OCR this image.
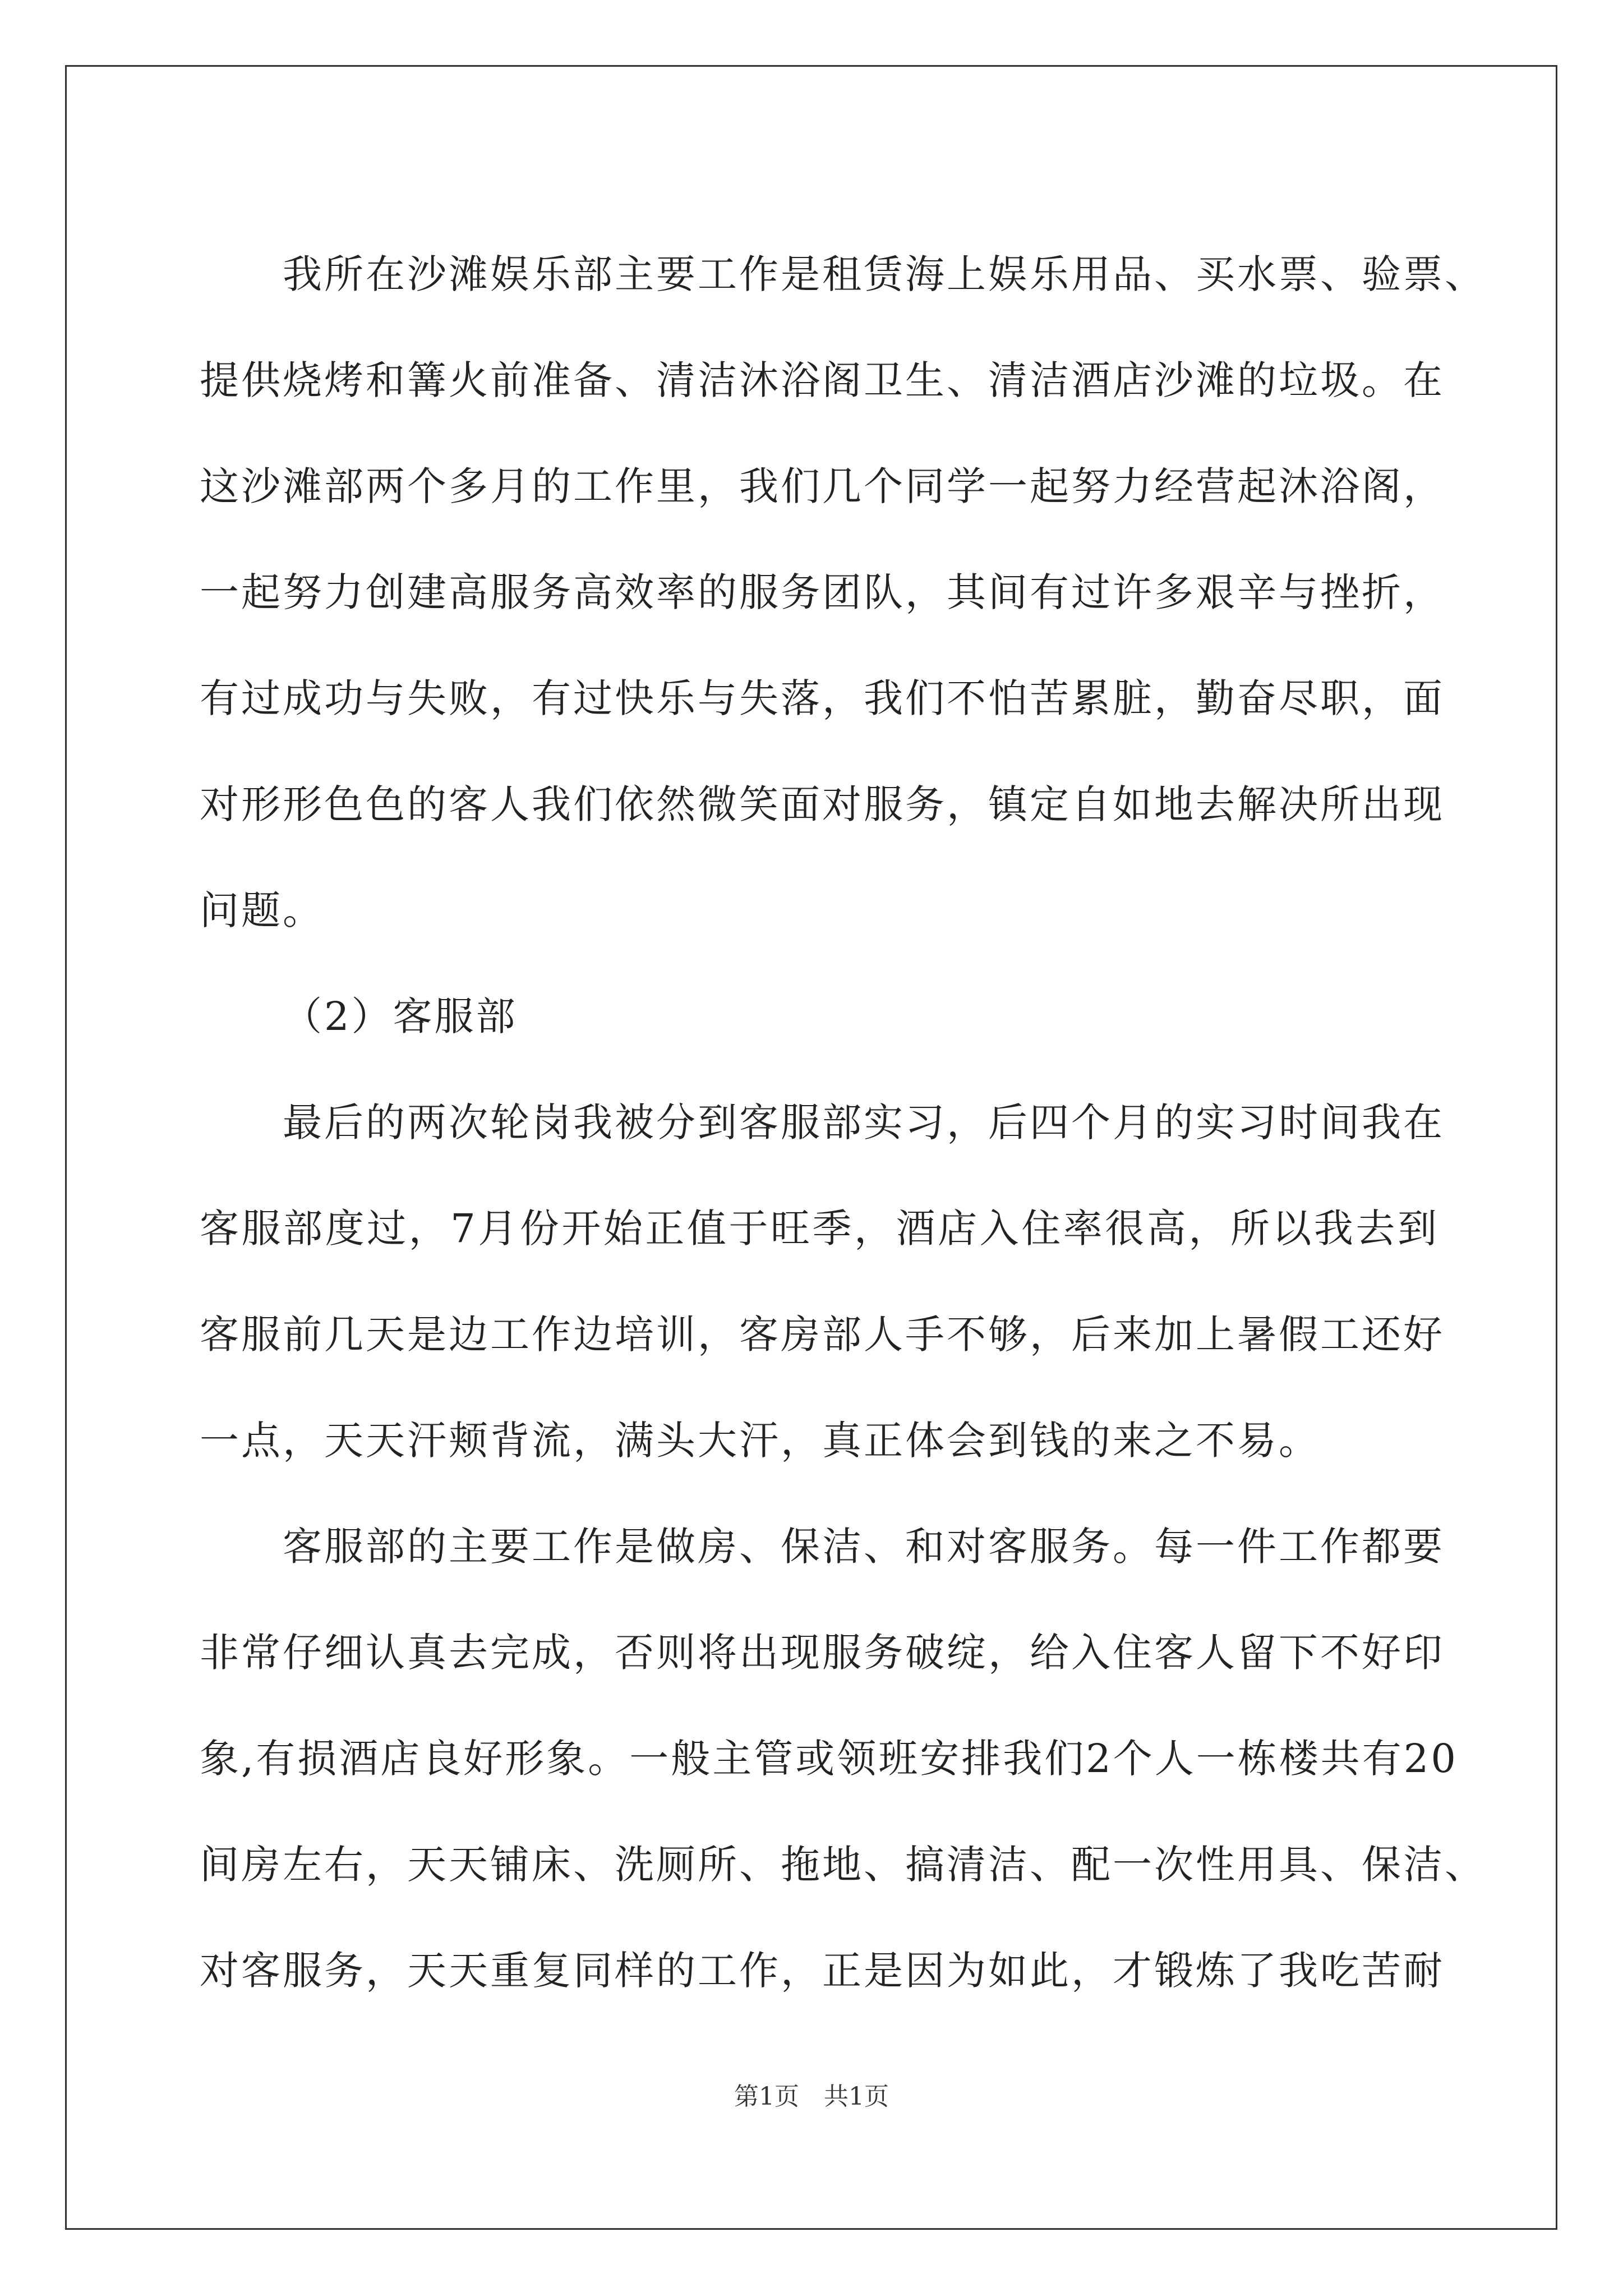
我所在沙滩娱乐部主要工作是租赁海上娱乐用品、买水票、验票、
提供烧烤和篝火前准备、清洁沐浴阁卫生、清洁酒店沙滩的垃圾。在
这沙滩部两个多月的工作里，我们几个同学一起努力经营起沐浴阁，
一起努力创建高服务高效率的服务团队，其间有过许多艰辛与挫折，
有过成功与失败，有过快乐与失落，我们不怕苦累脏，勤奋尽职，面
对形形色色的客人我们依然微笑面对服务，镇定自如地去解决所出现
问题。
（2）客服部
最后的两次轮岗我被分到客服部实习，后四个月的实习时间我在
客服部度过，7月份开始正值于旺季，酒店入住率很高，所以我去到
客服前几天是边工作边培训，客房部人手不够，后来加上暑假工还好
一点，天天汗颊背流，满头大汗，真正体会到钱的来之不易。
客服部的主要工作是做房、保洁、和对客服务。每一件工作都要
非常仔细认真去完成，否则将出现服务破绽，给入住客人留下不好印
象,有损酒店良好形象。一般主管或领班安排我们2个人一栋楼共有20
间房左右，天天铺床、洗厕所、拖地、搞清洁、配一次性用具、保洁、
对客服务，天天重复同样的工作，正是因为如此，才锻炼了我吃苦耐
第1页　共1页
